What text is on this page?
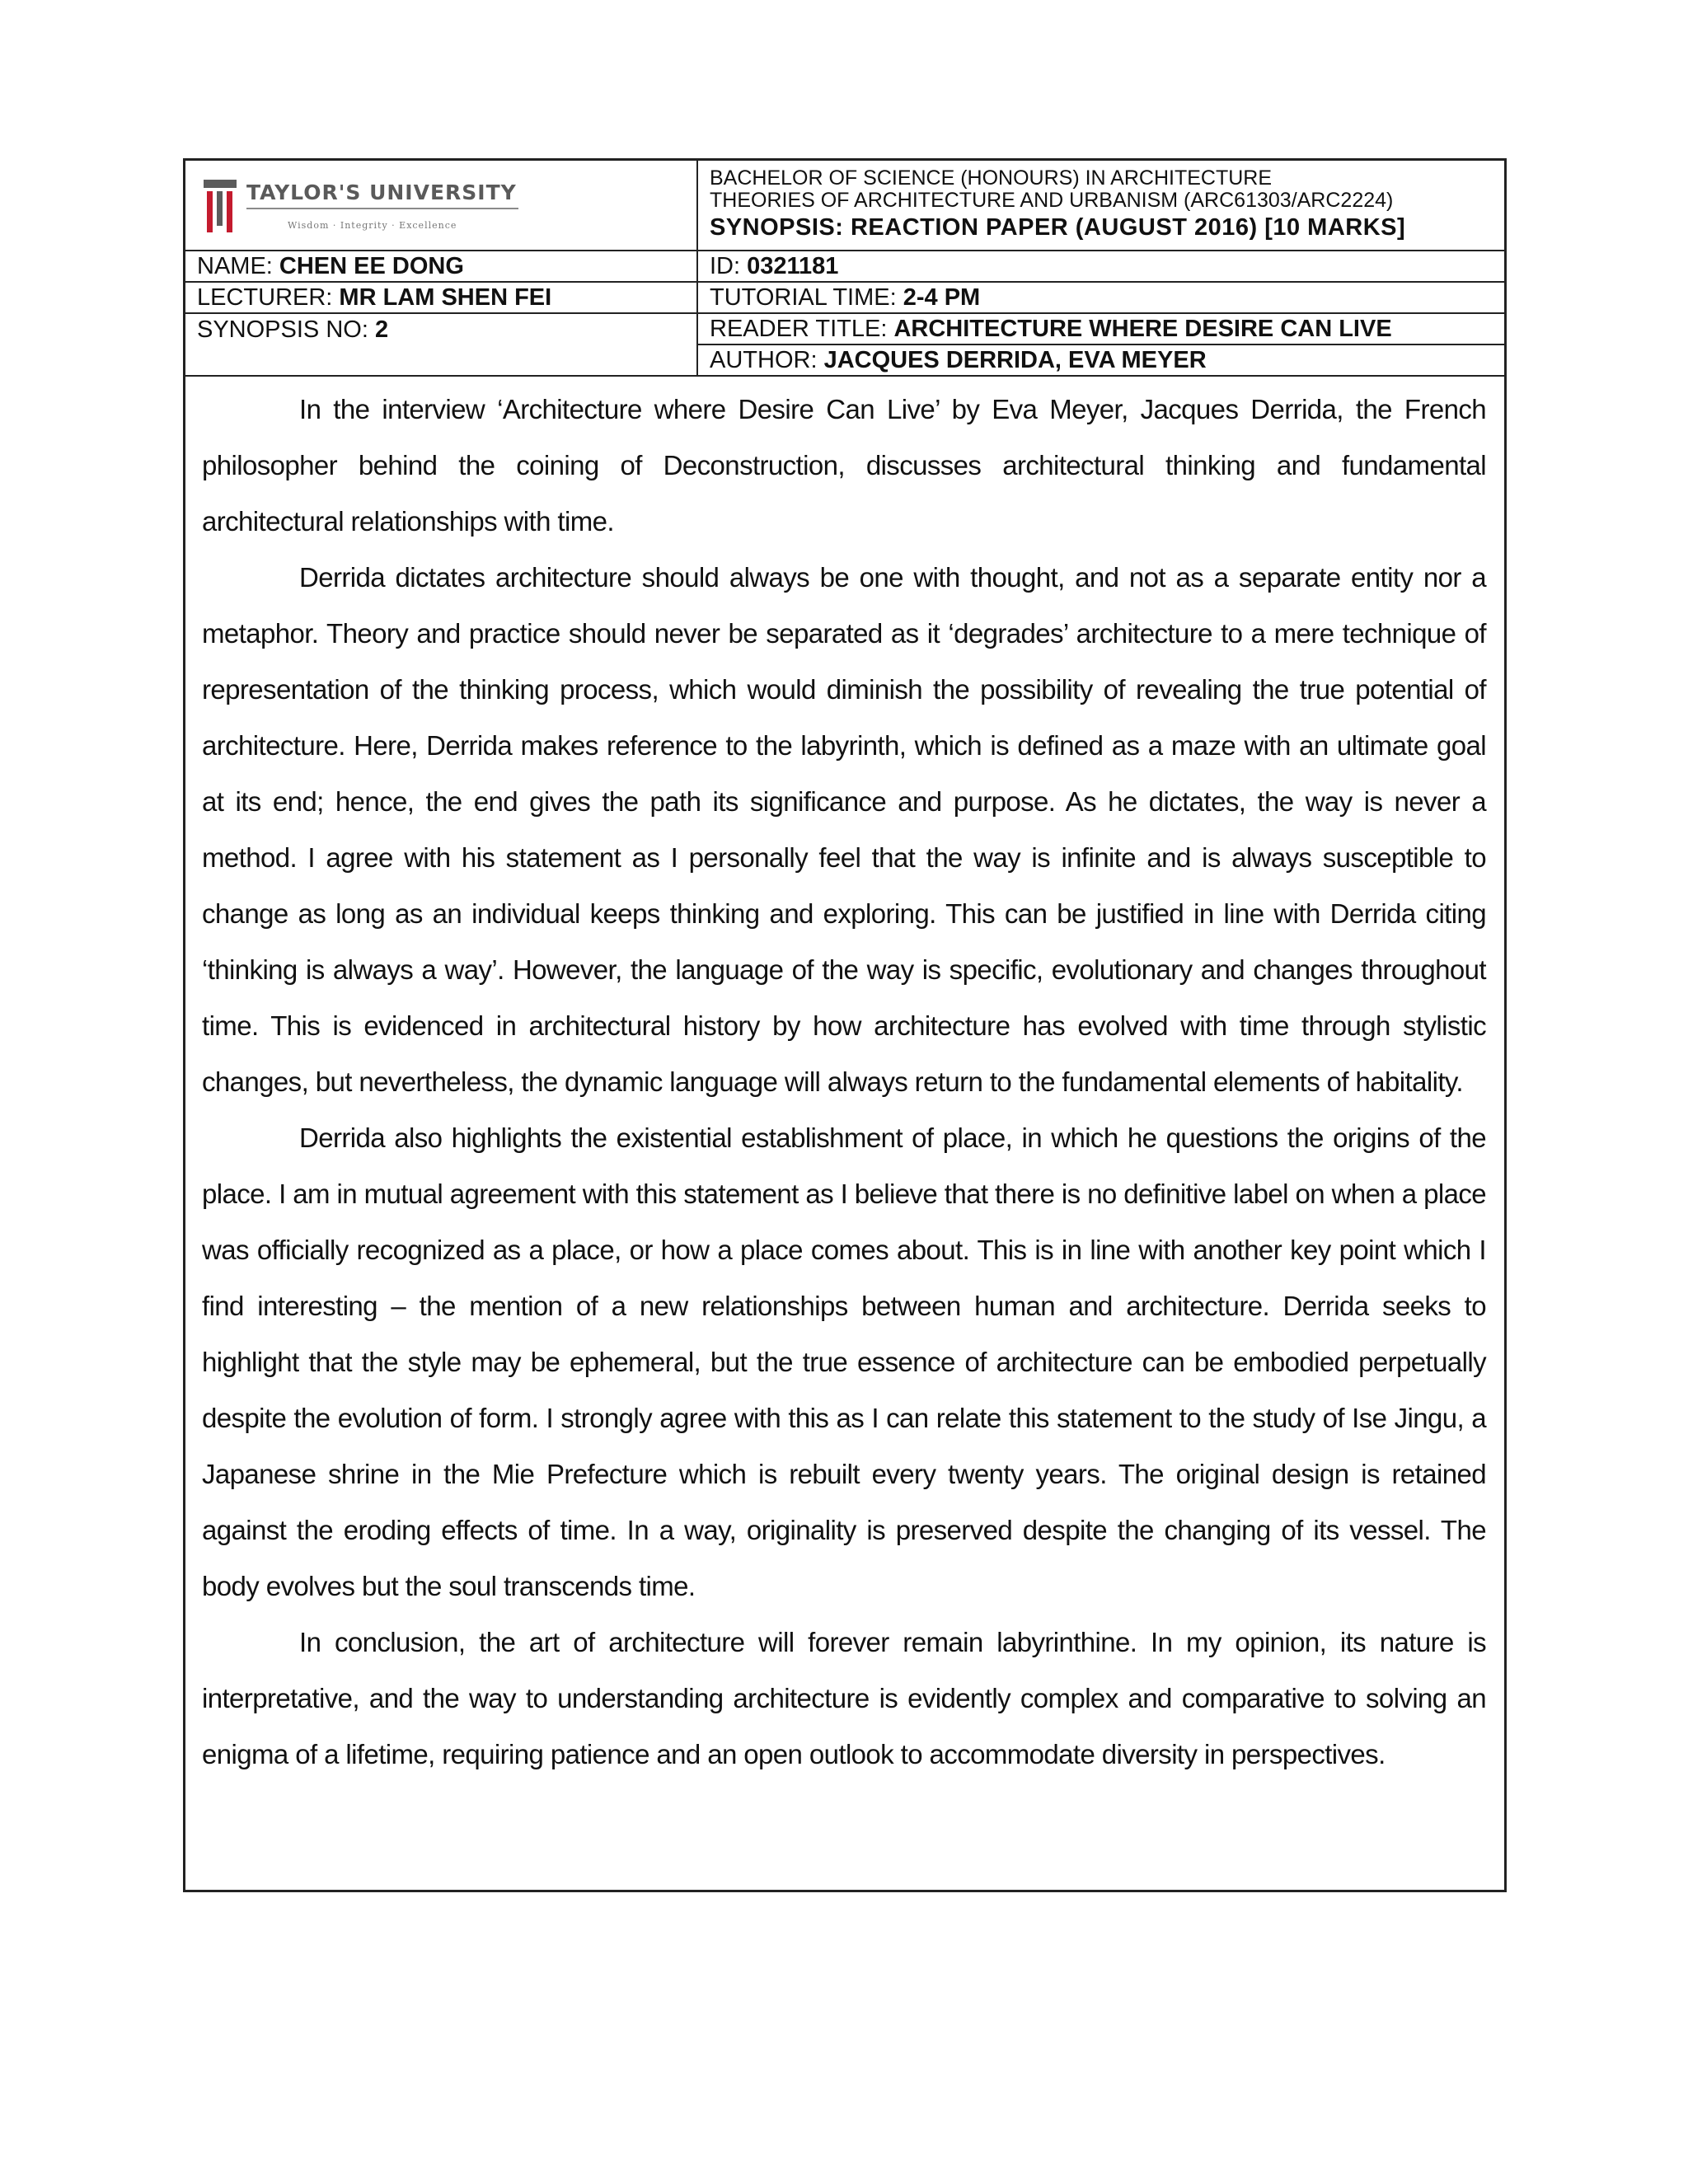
TAYLOR'S UNIVERSITY
Wisdom · Integrity · Excellence	BACHELOR OF SCIENCE (HONOURS) IN ARCHITECTURE
THEORIES OF ARCHITECTURE AND URBANISM (ARC61303/ARC2224)
SYNOPSIS: REACTION PAPER (AUGUST 2016) [10 MARKS]

NAME: CHEN EE DONG	ID: 0321181
LECTURER: MR LAM SHEN FEI	TUTORIAL TIME: 2-4 PM
SYNOPSIS NO: 2	READER TITLE: ARCHITECTURE WHERE DESIRE CAN LIVE
	AUTHOR: JACQUES DERRIDA, EVA MEYER

In the interview ‘Architecture where Desire Can Live’ by Eva Meyer, Jacques Derrida, the French philosopher behind the coining of Deconstruction, discusses architectural thinking and fundamental architectural relationships with time.

Derrida dictates architecture should always be one with thought, and not as a separate entity nor a metaphor. Theory and practice should never be separated as it ‘degrades’ architecture to a mere technique of representation of the thinking process, which would diminish the possibility of revealing the true potential of architecture. Here, Derrida makes reference to the labyrinth, which is defined as a maze with an ultimate goal at its end; hence, the end gives the path its significance and purpose. As he dictates, the way is never a method. I agree with his statement as I personally feel that the way is infinite and is always susceptible to change as long as an individual keeps thinking and exploring. This can be justified in line with Derrida citing ‘thinking is always a way’. However, the language of the way is specific, evolutionary and changes throughout time. This is evidenced in architectural history by how architecture has evolved with time through stylistic changes, but nevertheless, the dynamic language will always return to the fundamental elements of habitality.

Derrida also highlights the existential establishment of place, in which he questions the origins of the place. I am in mutual agreement with this statement as I believe that there is no definitive label on when a place was officially recognized as a place, or how a place comes about. This is in line with another key point which I find interesting – the mention of a new relationships between human and architecture. Derrida seeks to highlight that the style may be ephemeral, but the true essence of architecture can be embodied perpetually despite the evolution of form. I strongly agree with this as I can relate this statement to the study of Ise Jingu, a Japanese shrine in the Mie Prefecture which is rebuilt every twenty years. The original design is retained against the eroding effects of time. In a way, originality is preserved despite the changing of its vessel. The body evolves but the soul transcends time.

In conclusion, the art of architecture will forever remain labyrinthine. In my opinion, its nature is interpretative, and the way to understanding architecture is evidently complex and comparative to solving an enigma of a lifetime, requiring patience and an open outlook to accommodate diversity in perspectives.
